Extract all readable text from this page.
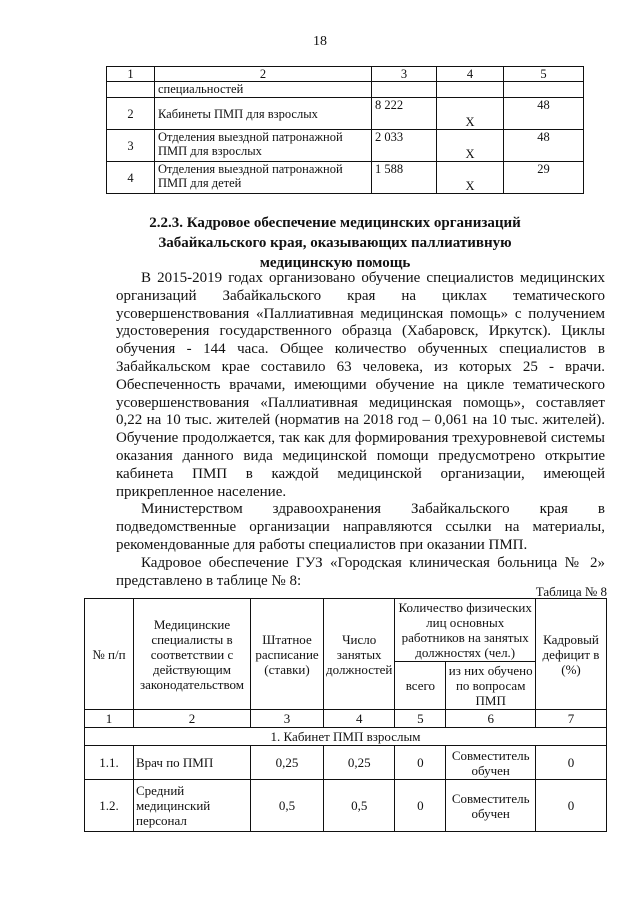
18
1	2	3	4	5
	специальностей			
2	Кабинеты ПМП для взрослых	8 222	X	48
3	Отделения выездной патронажной ПМП для взрослых	2 033	X	48
4	Отделения выездной патронажной ПМП для детей	1 588	X	29
2.2.3. Кадровое обеспечение медицинских организаций Забайкальского края, оказывающих паллиативную медицинскую помощь

В 2015-2019 годах организовано обучение специалистов медицинских организаций Забайкальского края на циклах тематического усовершенствования «Паллиативная медицинская помощь» с получением удостоверения государственного образца (Хабаровск, Иркутск). Циклы обучения - 144 часа. Общее количество обученных специалистов в Забайкальском крае составило 63 человека, из которых 25 - врачи. Обеспеченность врачами, имеющими обучение на цикле тематического усовершенствования «Паллиативная медицинская помощь», составляет 0,22 на 10 тыс. жителей (норматив на 2018 год – 0,061 на 10 тыс. жителей). Обучение продолжается, так как для формирования трехуровневой системы оказания данного вида медицинской помощи предусмотрено открытие кабинета ПМП в каждой медицинской организации, имеющей прикрепленное население.

Министерством здравоохранения Забайкальского края в подведомственные организации направляются ссылки на материалы, рекомендованные для работы специалистов при оказании ПМП.

Кадровое обеспечение ГУЗ «Городская клиническая больница № 2» представлено в таблице № 8:

Таблица № 8
№ п/п	Медицинские специалисты в соответствии с действующим законодательством	Штатное расписание (ставки)	Число занятых должностей	Количество физических лиц основных работников на занятых должностях (чел.)		Кадровый дефицит в (%)
				всего	из них обучено по вопросам ПМП	
1	2	3	4	5	6	7
1. Кабинет ПМП взрослым						
1.1.	Врач по ПМП	0,25	0,25	0	Совместитель обучен	0
1.2.	Средний медицинский персонал	0,5	0,5	0	Совместитель обучен	0
